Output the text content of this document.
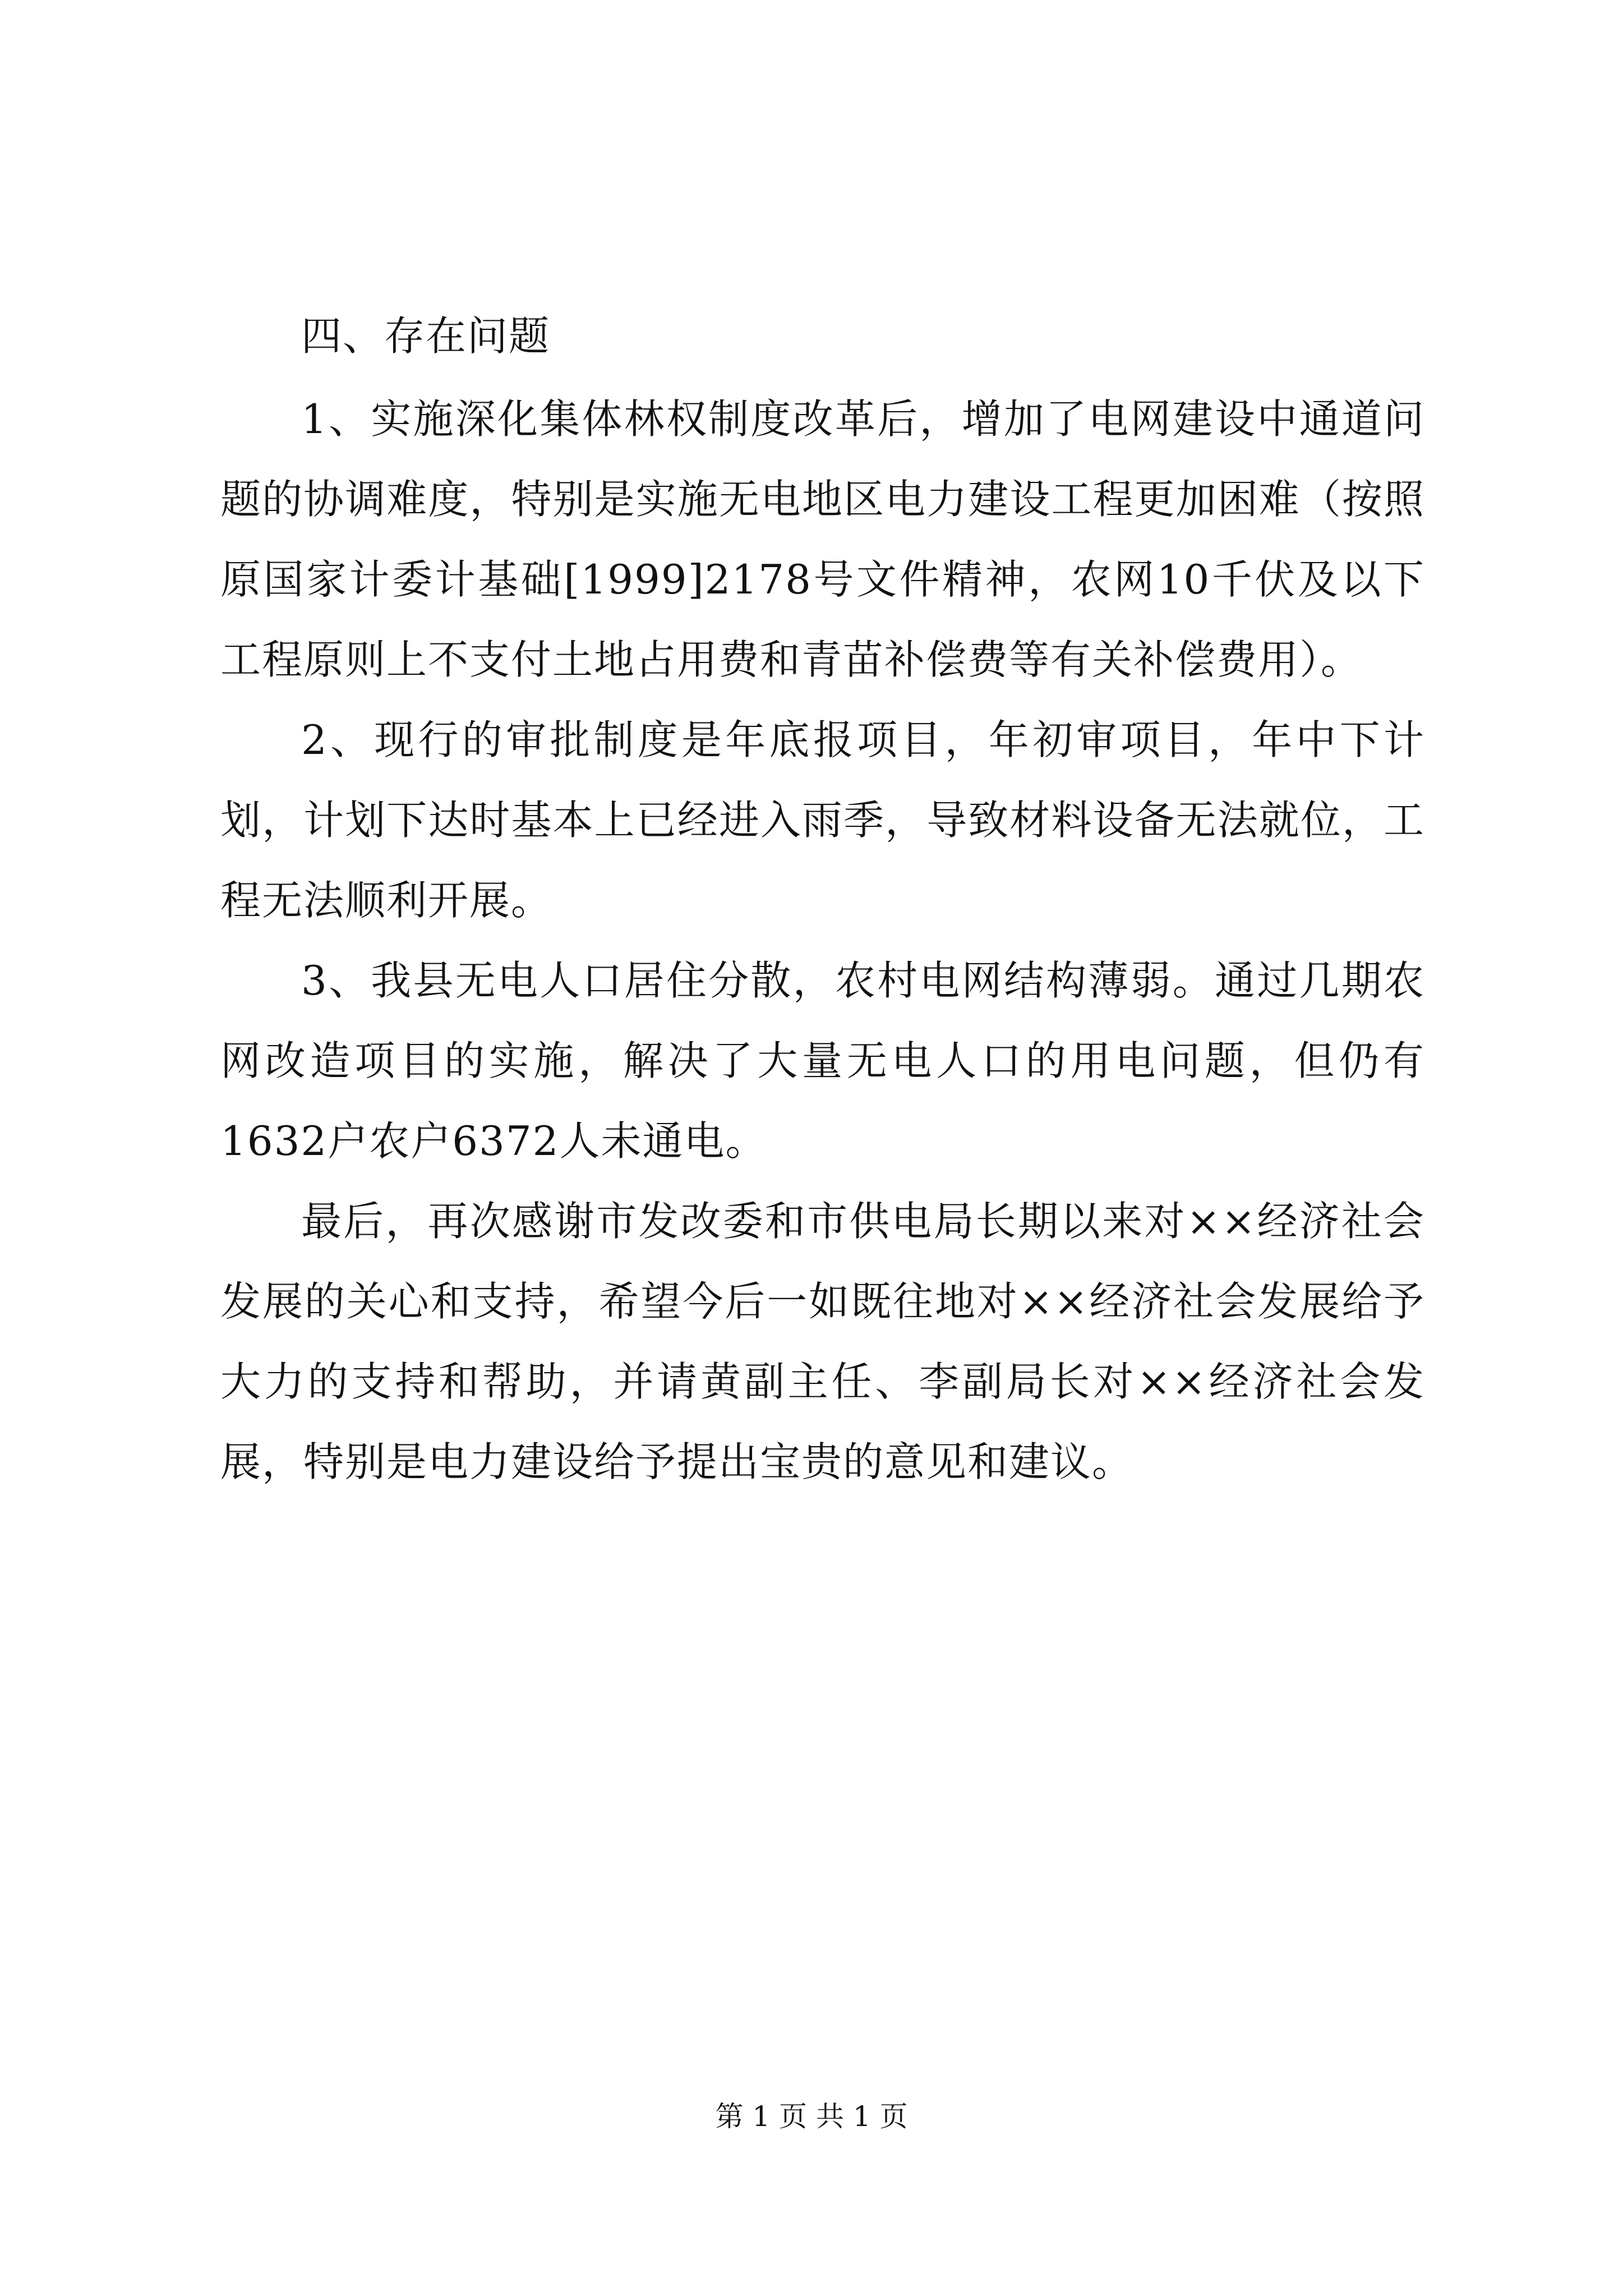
四、存在问题

1、实施深化集体林权制度改革后，增加了电网建设中通道问题的协调难度，特别是实施无电地区电力建设工程更加困难（按照原国家计委计基础[1999]2178号文件精神，农网10千伏及以下工程原则上不支付土地占用费和青苗补偿费等有关补偿费用）。

2、现行的审批制度是年底报项目，年初审项目，年中下计划，计划下达时基本上已经进入雨季，导致材料设备无法就位，工程无法顺利开展。

3、我县无电人口居住分散，农村电网结构薄弱。通过几期农网改造项目的实施，解决了大量无电人口的用电问题，但仍有1632户农户6372人未通电。

最后，再次感谢市发改委和市供电局长期以来对××经济社会发展的关心和支持，希望今后一如既往地对××经济社会发展给予大力的支持和帮助，并请黄副主任、李副局长对××经济社会发展，特别是电力建设给予提出宝贵的意见和建议。

第 1 页 共 1 页
